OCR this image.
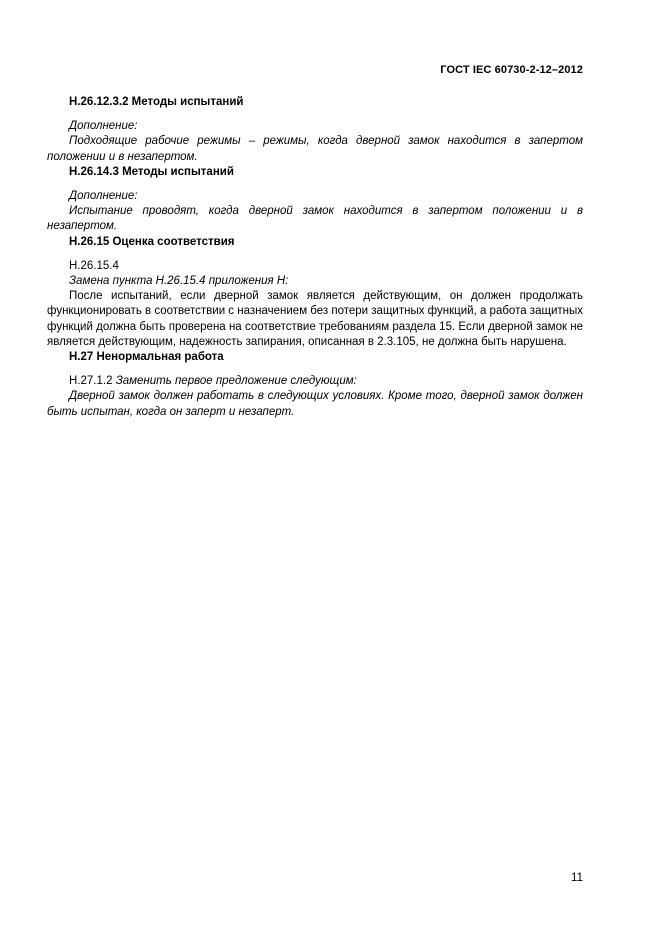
ГОСТ IEC 60730-2-12–2012
Н.26.12.3.2 Методы испытаний

Дополнение:

Подходящие рабочие режимы – режимы, когда дверной замок находится в запертом положении и в незапертом.

Н.26.14.3 Методы испытаний

Дополнение:

Испытание проводят, когда дверной замок находится в запертом положении и в незапертом.

Н.26.15 Оценка соответствия

Н.26.15.4

Замена пункта Н.26.15.4 приложения Н:

После испытаний, если дверной замок является действующим, он должен продолжать функционировать в соответствии с назначением без потери защитных функций, а работа защитных функций должна быть проверена на соответствие требованиям раздела 15. Если дверной замок не является действующим, надежность запирания, описанная в 2.3.105, не должна быть нарушена.

Н.27 Ненормальная работа

Н.27.1.2 Заменить первое предложение следующим:

Дверной замок должен работать в следующих условиях. Кроме того, дверной замок должен быть испытан, когда он заперт и незаперт.

11
